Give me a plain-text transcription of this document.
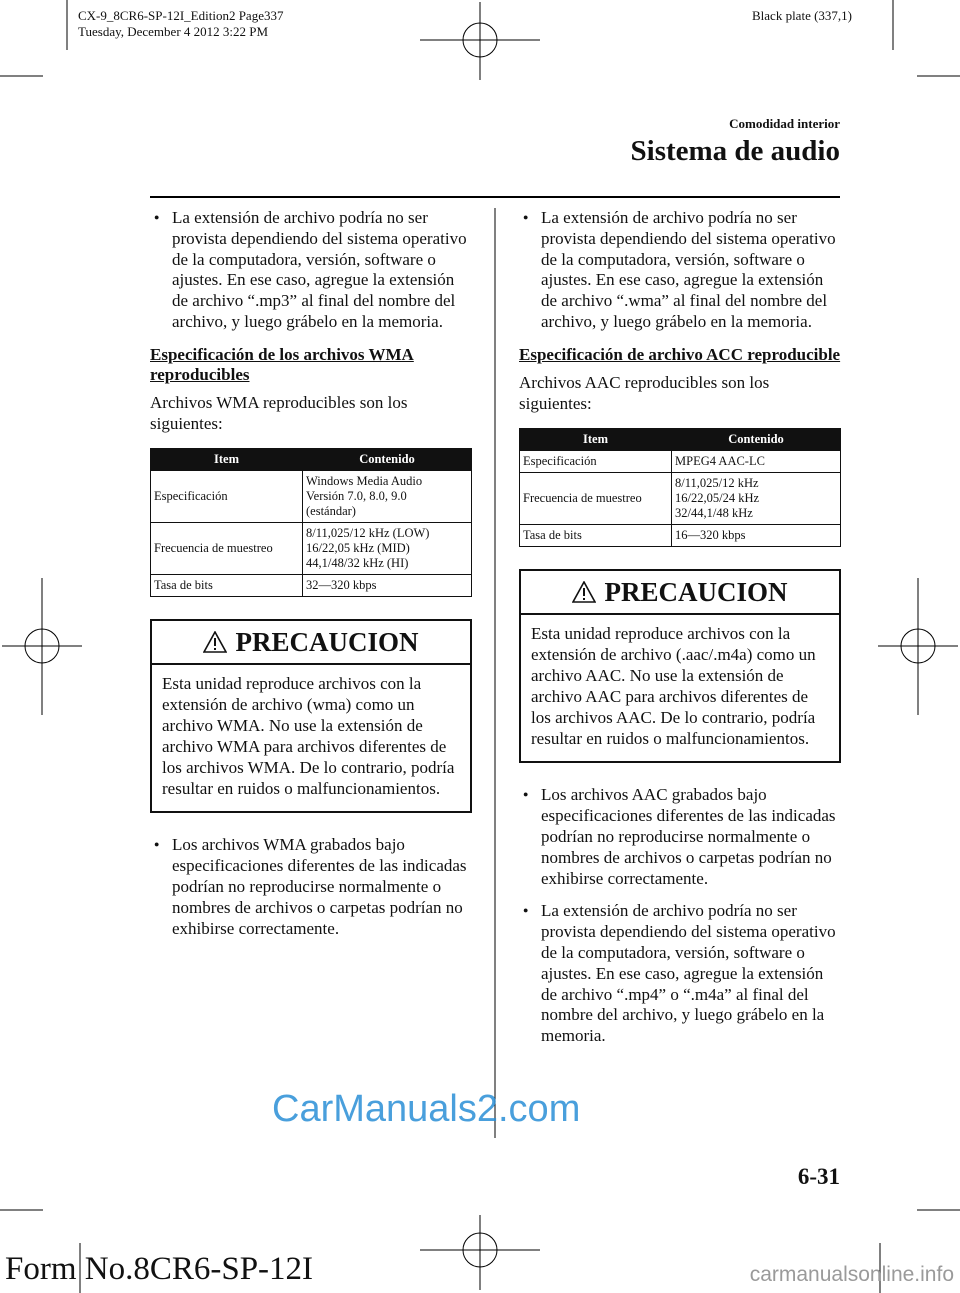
CX-9_8CR6-SP-12I_Edition2 Page337
Tuesday, December 4 2012 3:22 PM
Black plate (337,1)
Comodidad interior
Sistema de audio
● La extensión de archivo podría no ser provista dependiendo del sistema operativo de la computadora, versión, software o ajustes. En ese caso, agregue la extensión de archivo “.mp3” al final del nombre del archivo, y luego grábelo en la memoria.
Especificación de los archivos WMA reproducibles
Archivos WMA reproducibles son los siguientes:
Item	Contenido
Especificación	Windows Media Audio
Versión 7.0, 8.0, 9.0
(estándar)

Frecuencia de muestreo	8/11,025/12 kHz (LOW)
16/22,05 kHz (MID)
44,1/48/32 kHz (HI)

Tasa de bits	32―320 kbps
PRECAUCION
Esta unidad reproduce archivos con la extensión de archivo (wma) como un archivo WMA. No use la extensión de archivo WMA para archivos diferentes de los archivos WMA. De lo contrario, podría resultar en ruidos o malfuncionamientos.
● Los archivos WMA grabados bajo especificaciones diferentes de las indicadas podrían no reproducirse normalmente o nombres de archivos o carpetas podrían no exhibirse correctamente.
● La extensión de archivo podría no ser provista dependiendo del sistema operativo de la computadora, versión, software o ajustes. En ese caso, agregue la extensión de archivo “.wma” al final del nombre del archivo, y luego grábelo en la memoria.
Especificación de archivo ACC reproducible
Archivos AAC reproducibles son los siguientes:
Item	Contenido
Especificación	MPEG4 AAC-LC
Frecuencia de muestreo	8/11,025/12 kHz
16/22,05/24 kHz
32/44,1/48 kHz

Tasa de bits	16―320 kbps
PRECAUCION
Esta unidad reproduce archivos con la extensión de archivo (.aac/.m4a) como un archivo AAC. No use la extensión de archivo AAC para archivos diferentes de los archivos AAC. De lo contrario, podría resultar en ruidos o malfuncionamientos.
● Los archivos AAC grabados bajo especificaciones diferentes de las indicadas podrían no reproducirse normalmente o nombres de archivos o carpetas podrían no exhibirse correctamente.
● La extensión de archivo podría no ser provista dependiendo del sistema operativo de la computadora, versión, software o ajustes. En ese caso, agregue la extensión de archivo “.mp4” o “.m4a” al final del nombre del archivo, y luego grábelo en la memoria.
6-31
Form No.8CR6-SP-12I
CarManuals2.com
carmanualsonline.info
